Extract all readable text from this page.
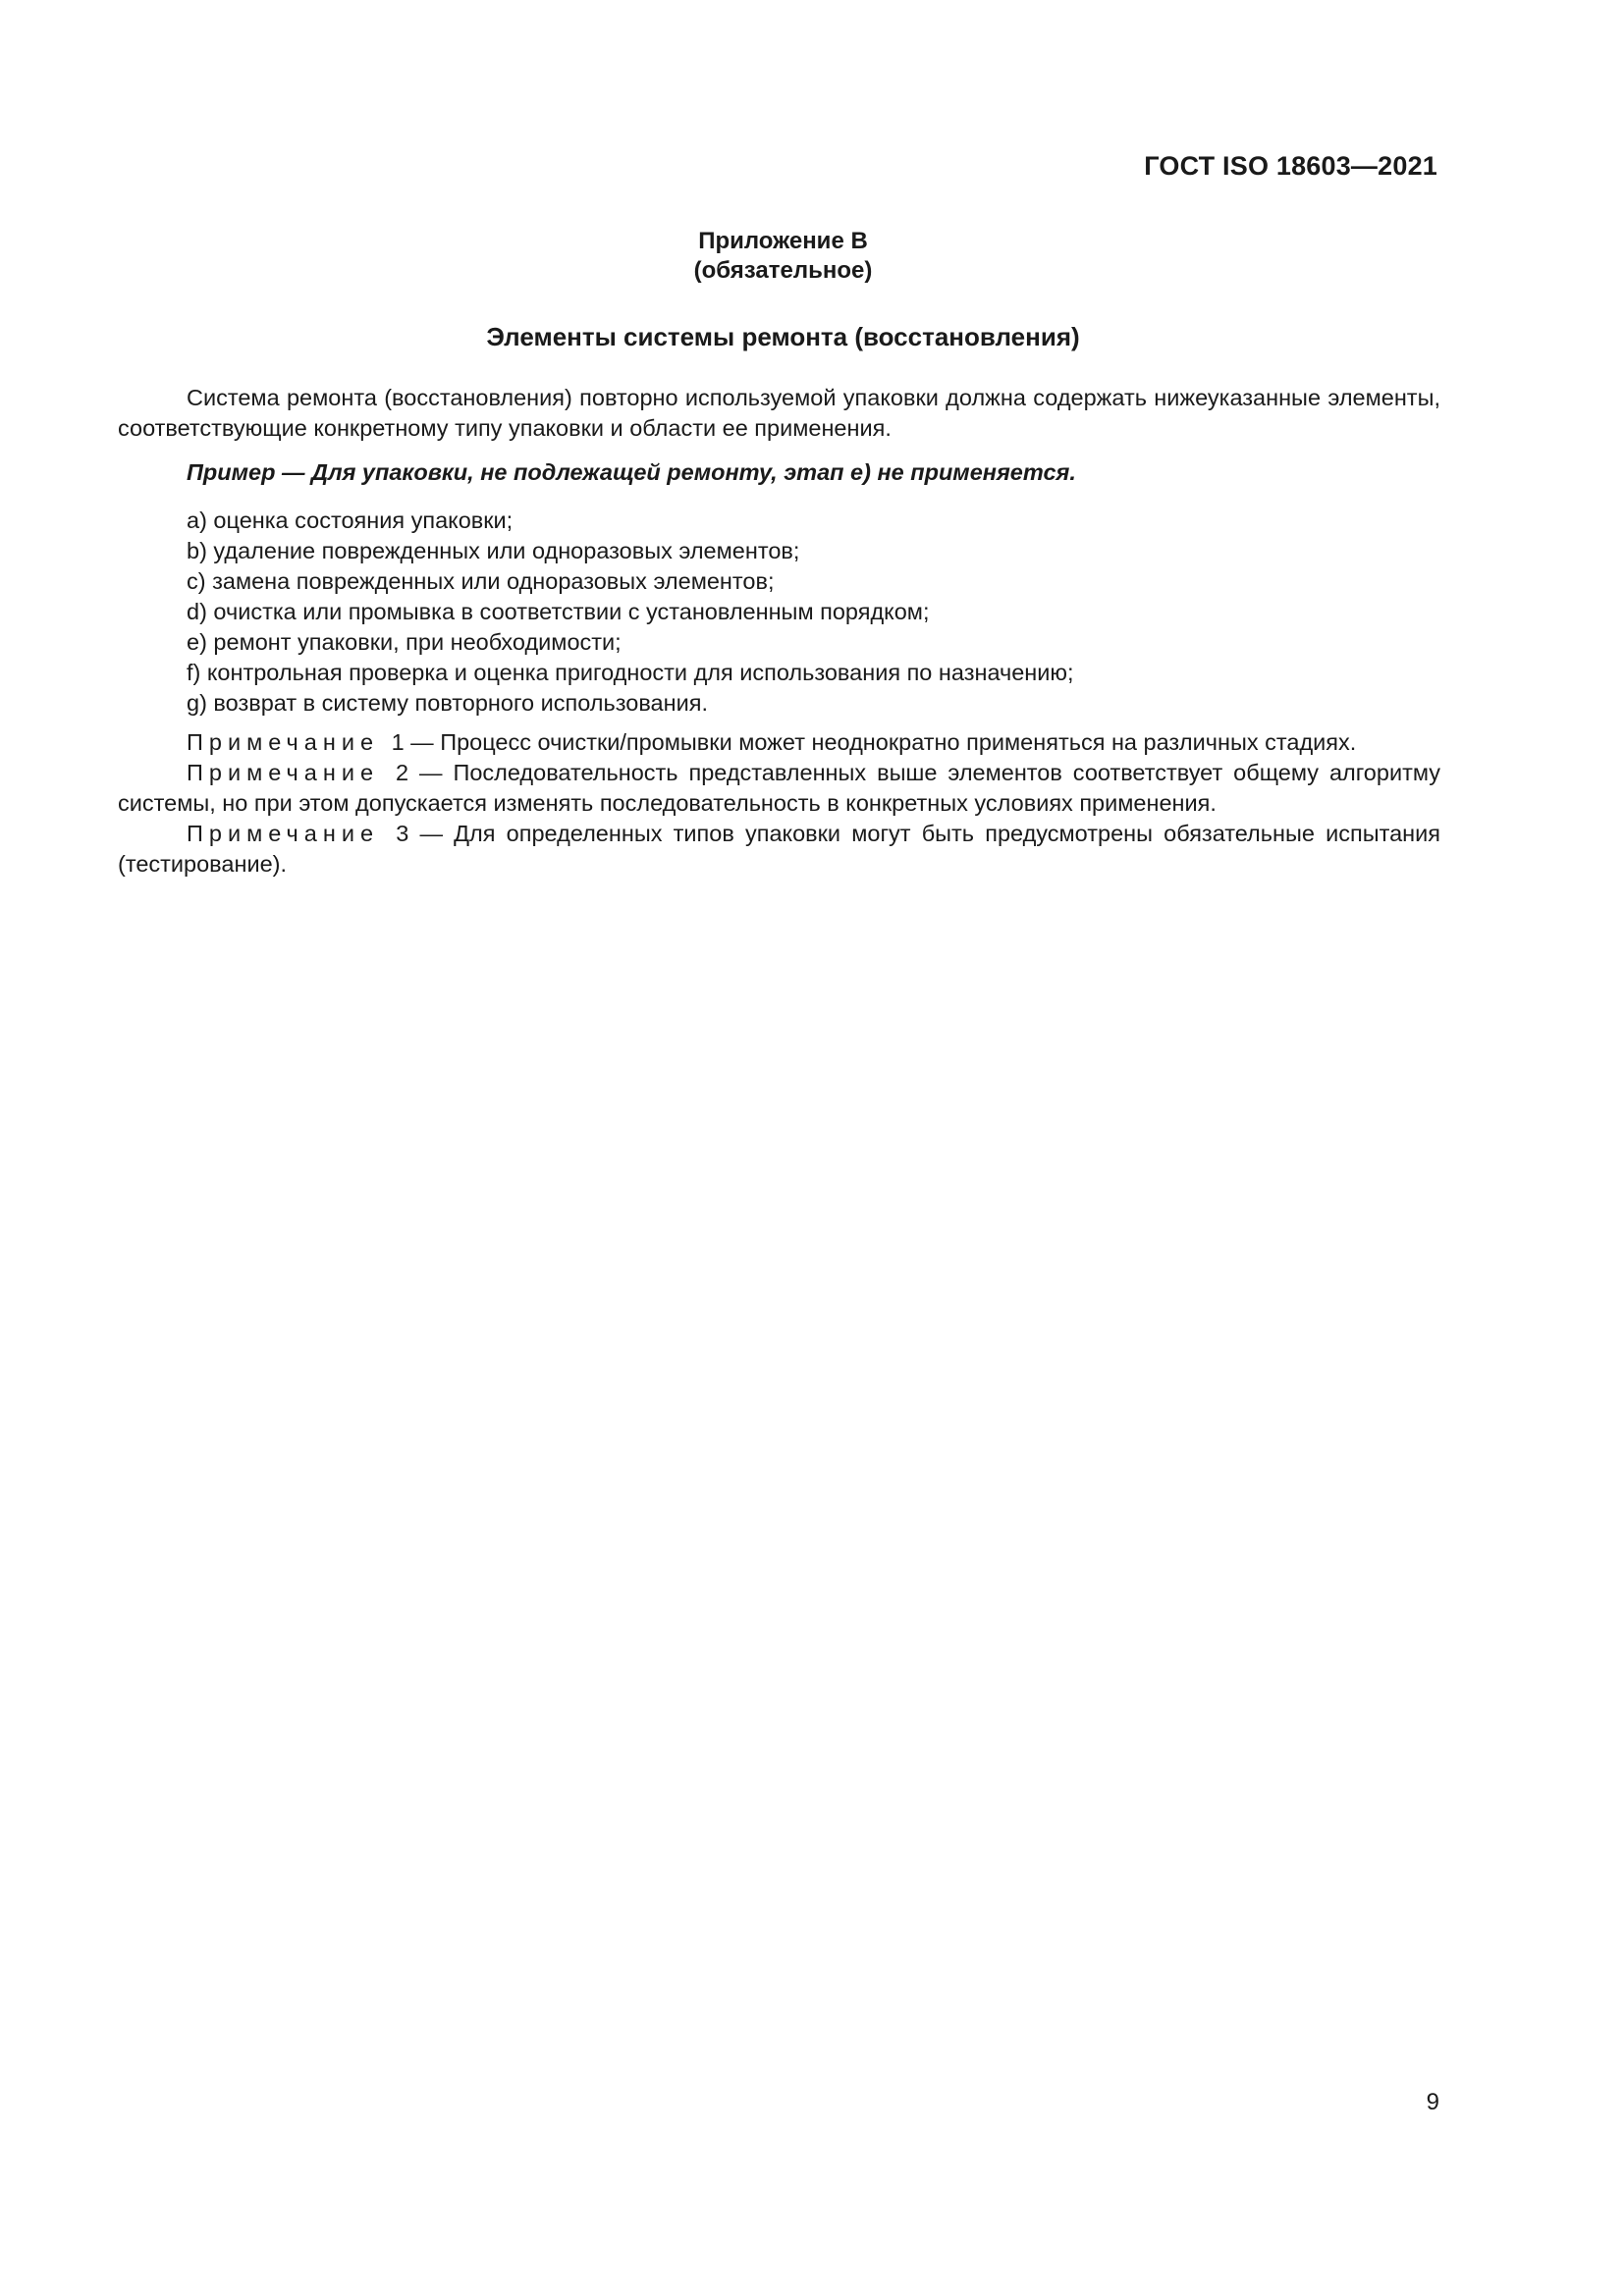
ГОСТ ISO 18603—2021
Приложение В
(обязательное)
Элементы системы ремонта (восстановления)

Система ремонта (восстановления) повторно используемой упаковки должна содержать нижеуказанные элементы, соответствующие конкретному типу упаковки и области ее применения.

Пример — Для упаковки, не подлежащей ремонту, этап е) не применяется.
a) оценка состояния упаковки;
b) удаление поврежденных или одноразовых элементов;
c) замена поврежденных или одноразовых элементов;
d) очистка или промывка в соответствии с установленным порядком;
e) ремонт упаковки, при необходимости;
f) контрольная проверка и оценка пригодности для использования по назначению;
g) возврат в систему повторного использования.

Примечание 1 — Процесс очистки/промывки может неоднократно применяться на различных стадиях.

Примечание 2 — Последовательность представленных выше элементов соответствует общему алгоритму системы, но при этом допускается изменять последовательность в конкретных условиях применения.

Примечание 3 — Для определенных типов упаковки могут быть предусмотрены обязательные испытания (тестирование).

9
